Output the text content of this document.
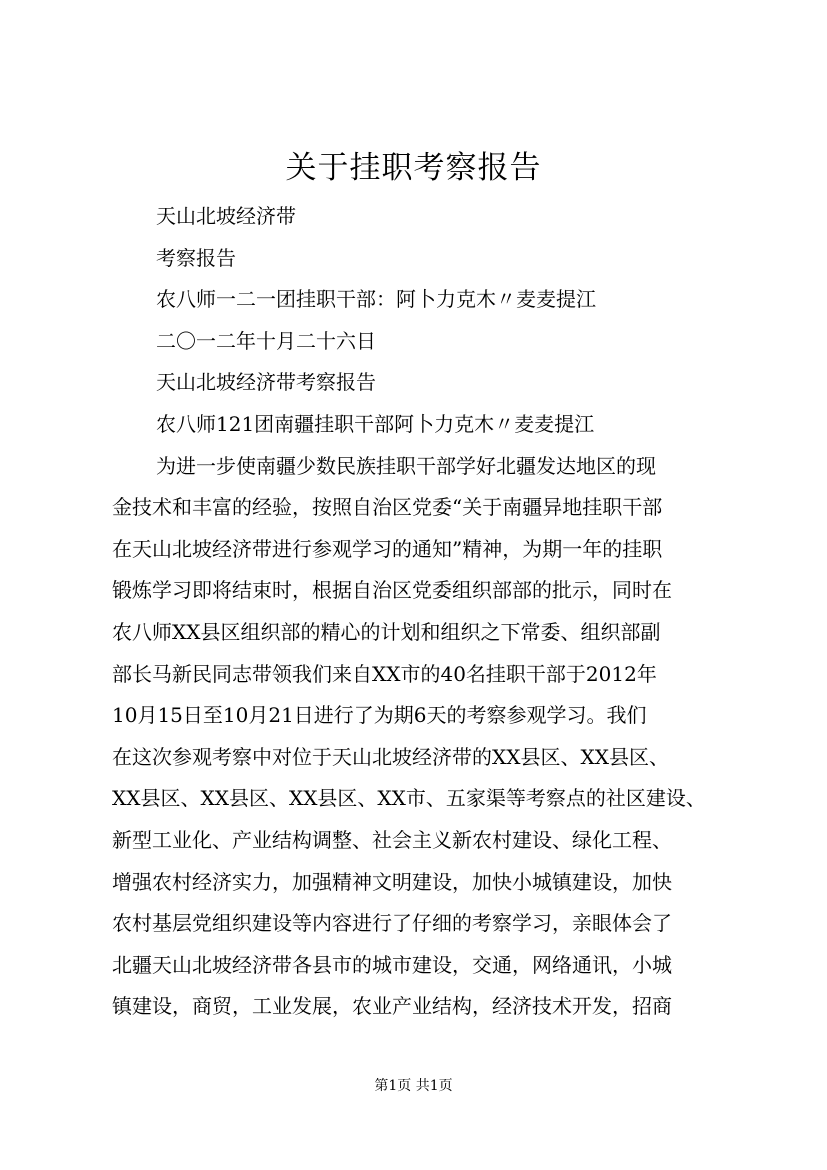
关于挂职考察报告
天山北坡经济带
考察报告
农八师一二一团挂职干部：阿卜力克木〃麦麦提江
二〇一二年十月二十六日
天山北坡经济带考察报告
农八师121团南疆挂职干部阿卜力克木〃麦麦提江
为进一步使南疆少数民族挂职干部学好北疆发达地区的现
金技术和丰富的经验，按照自治区党委“关于南疆异地挂职干部
在天山北坡经济带进行参观学习的通知”精神，为期一年的挂职
锻炼学习即将结束时，根据自治区党委组织部部的批示，同时在
农八师XX县区组织部的精心的计划和组织之下常委、组织部副
部长马新民同志带领我们来自XX市的40名挂职干部于2012年
10月15日至10月21日进行了为期6天的考察参观学习。我们
在这次参观考察中对位于天山北坡经济带的XX县区、XX县区、
XX县区、XX县区、XX县区、XX市、五家渠等考察点的社区建设、
新型工业化、产业结构调整、社会主义新农村建设、绿化工程、
增强农村经济实力，加强精神文明建设，加快小城镇建设，加快
农村基层党组织建设等内容进行了仔细的考察学习，亲眼体会了
北疆天山北坡经济带各县市的城市建设，交通，网络通讯，小城
镇建设，商贸，工业发展，农业产业结构，经济技术开发，招商
第1页 共1页
